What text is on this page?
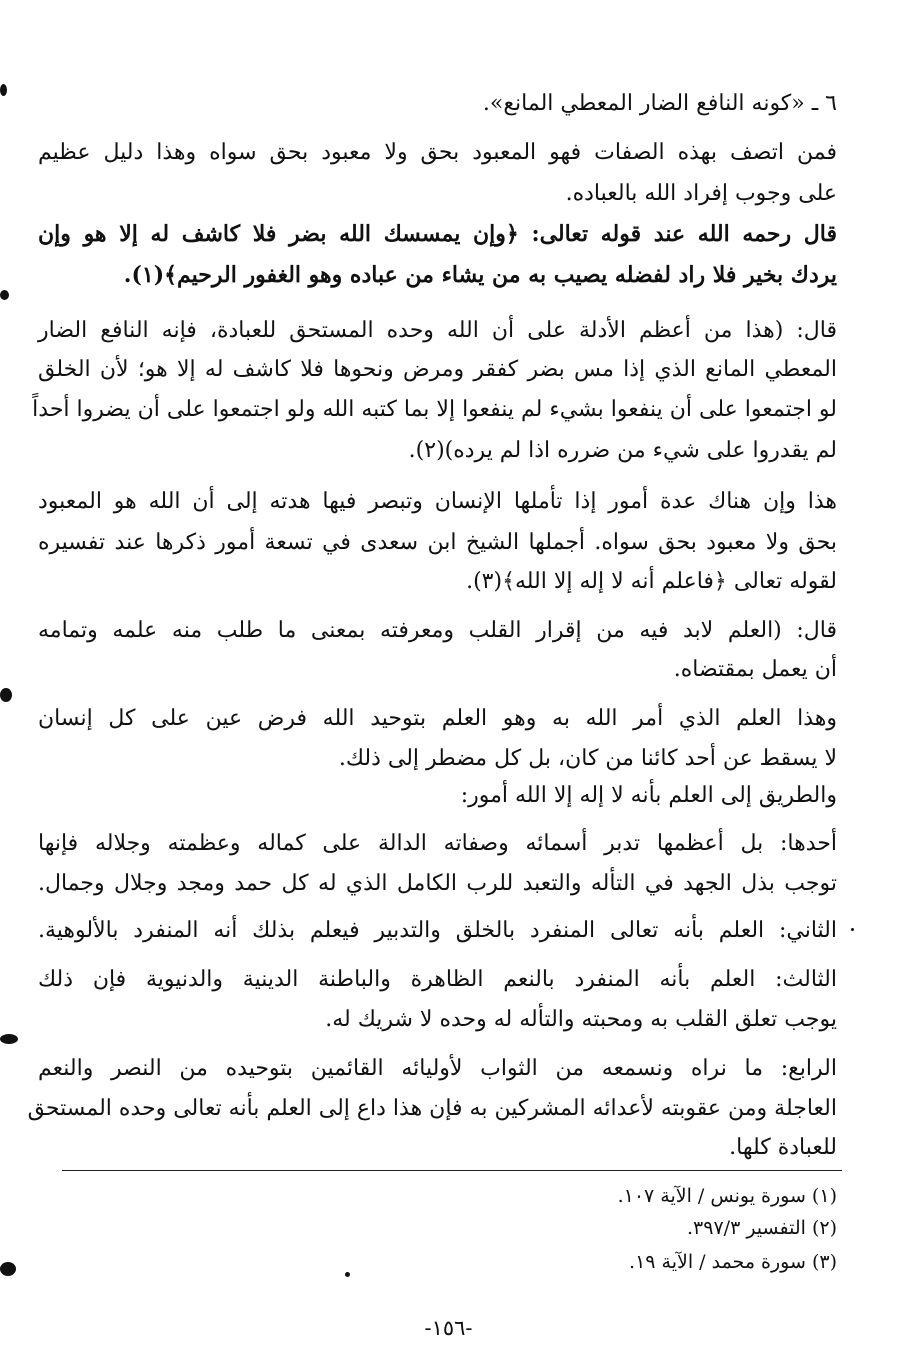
٦ ـ «كونه النافع الضار المعطي المانع».
فمن اتصف بهذه الصفات فهو المعبود بحق ولا معبود بحق سواه وهذا دليل عظيم
على وجوب إفراد الله بالعباده.
قال رحمه الله عند قوله تعالى: ﴿وإن يمسسك الله بضر فلا كاشف له إلا هو وإن
يردك بخير فلا راد لفضله يصيب به من يشاء من عباده وهو الغفور الرحيم﴾(١).
قال: (هذا من أعظم الأدلة على أن الله وحده المستحق للعبادة، فإنه النافع الضار
المعطي المانع الذي إذا مس بضر كفقر ومرض ونحوها فلا كاشف له إلا هو؛ لأن الخلق
لو اجتمعوا على أن ينفعوا بشيء لم ينفعوا إلا بما كتبه الله ولو اجتمعوا على أن يضروا أحداً
لم يقدروا على شيء من ضرره اذا لم يرده)(٢).
هذا وإن هناك عدة أمور إذا تأملها الإنسان وتبصر فيها هدته إلى أن الله هو المعبود
بحق ولا معبود بحق سواه. أجملها الشيخ ابن سعدى في تسعة أمور ذكرها عند تفسيره
لقوله تعالى ﴿فاعلم أنه لا إله إلا الله﴾(٣).
قال: (العلم لابد فيه من إقرار القلب ومعرفته بمعنى ما طلب منه علمه وتمامه
أن يعمل بمقتضاه.
وهذا العلم الذي أمر الله به وهو العلم بتوحيد الله فرض عين على كل إنسان
لا يسقط عن أحد كائنا من كان، بل كل مضطر إلى ذلك.
والطريق إلى العلم بأنه لا إله إلا الله أمور:
أحدها: بل أعظمها تدبر أسمائه وصفاته الدالة على كماله وعظمته وجلاله فإنها
توجب بذل الجهد في التأله والتعبد للرب الكامل الذي له كل حمد ومجد وجلال وجمال.
الثاني: العلم بأنه تعالى المنفرد بالخلق والتدبير فيعلم بذلك أنه المنفرد بالألوهية.
الثالث: العلم بأنه المنفرد بالنعم الظاهرة والباطنة الدينية والدنيوية فإن ذلك
يوجب تعلق القلب به ومحبته والتأله له وحده لا شريك له.
الرابع: ما نراه ونسمعه من الثواب لأوليائه القائمين بتوحيده من النصر والنعم
العاجلة ومن عقوبته لأعدائه المشركين به فإن هذا داع إلى العلم بأنه تعالى وحده المستحق
للعبادة كلها.
(١) سورة يونس / الآية ١٠٧.
(٢) التفسير ٣٩٧/٣.
(٣) سورة محمد / الآية ١٩.
-١٥٦-
